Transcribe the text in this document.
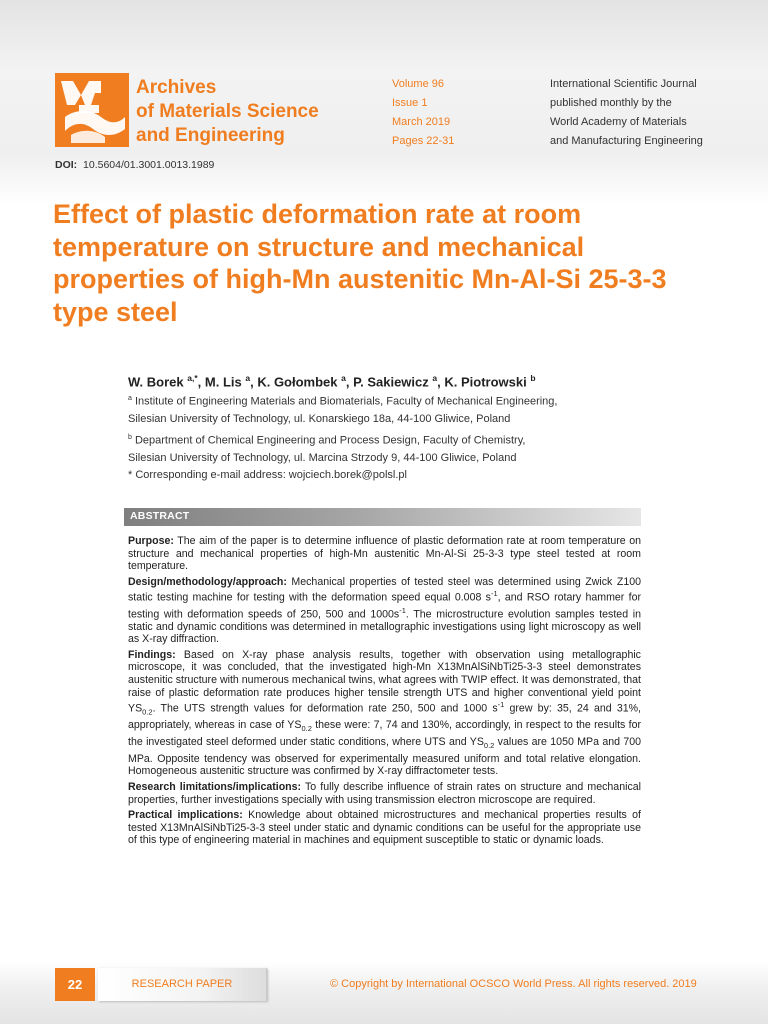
Archives
of Materials Science
and Engineering
Volume 96
Issue 1
March 2019
Pages 22-31
International Scientific Journal
published monthly by the
World Academy of Materials
and Manufacturing Engineering
DOI: 10.5604/01.3001.0013.1989
Effect of plastic deformation rate at room temperature on structure and mechanical properties of high-Mn austenitic Mn-Al-Si 25-3-3 type steel
W. Borek $^{a,*}$, M. Lis $^a$, K. Gołombek $^a$, P. Sakiewicz $^a$, K. Piotrowski $^b$
$^a$ Institute of Engineering Materials and Biomaterials, Faculty of Mechanical Engineering,
Silesian University of Technology, ul. Konarskiego 18a, 44-100 Gliwice, Poland
$^b$ Department of Chemical Engineering and Process Design, Faculty of Chemistry,
Silesian University of Technology, ul. Marcina Strzody 9, 44-100 Gliwice, Poland
* Corresponding e-mail address: wojciech.borek@polsl.pl
ABSTRACT

Purpose: The aim of the paper is to determine influence of plastic deformation rate at room temperature on structure and mechanical properties of high-Mn austenitic Mn-Al-Si 25-3-3 type steel tested at room temperature.

Design/methodology/approach: Mechanical properties of tested steel was determined using Zwick Z100 static testing machine for testing with the deformation speed equal 0.008 $s^{-1}$, and RSO rotary hammer for testing with deformation speeds of 250, 500 and $1000s^{-1}$. The microstructure evolution samples tested in static and dynamic conditions was determined in metallographic investigations using light microscopy as well as X-ray diffraction.

Findings: Based on X-ray phase analysis results, together with observation using metallographic microscope, it was concluded, that the investigated high-Mn X13MnAlSiNbTi25-3-3 steel demonstrates austenitic structure with numerous mechanical twins, what agrees with TWIP effect. It was demonstrated, that raise of plastic deformation rate produces higher tensile strength UTS and higher conventional yield point $YS_{0.2}$. The UTS strength values for deformation rate 250, 500 and 1000 $s^{-1}$ grew by: 35, 24 and 31%, appropriately, whereas in case of $YS_{0.2}$ these were: 7, 74 and 130%, accordingly, in respect to the results for the investigated steel deformed under static conditions, where UTS and $YS_{0.2}$ values are 1050 MPa and 700 MPa. Opposite tendency was observed for experimentally measured uniform and total relative elongation. Homogeneous austenitic structure was confirmed by X-ray diffractometer tests.

Research limitations/implications: To fully describe influence of strain rates on structure and mechanical properties, further investigations specially with using transmission electron microscope are required.

Practical implications: Knowledge about obtained microstructures and mechanical properties results of tested X13MnAlSiNbTi25-3-3 steel under static and dynamic conditions can be useful for the appropriate use of this type of engineering material in machines and equipment susceptible to static or dynamic loads.

22	RESEARCH PAPER	© Copyright by International OCSCO World Press. All rights reserved. 2019
